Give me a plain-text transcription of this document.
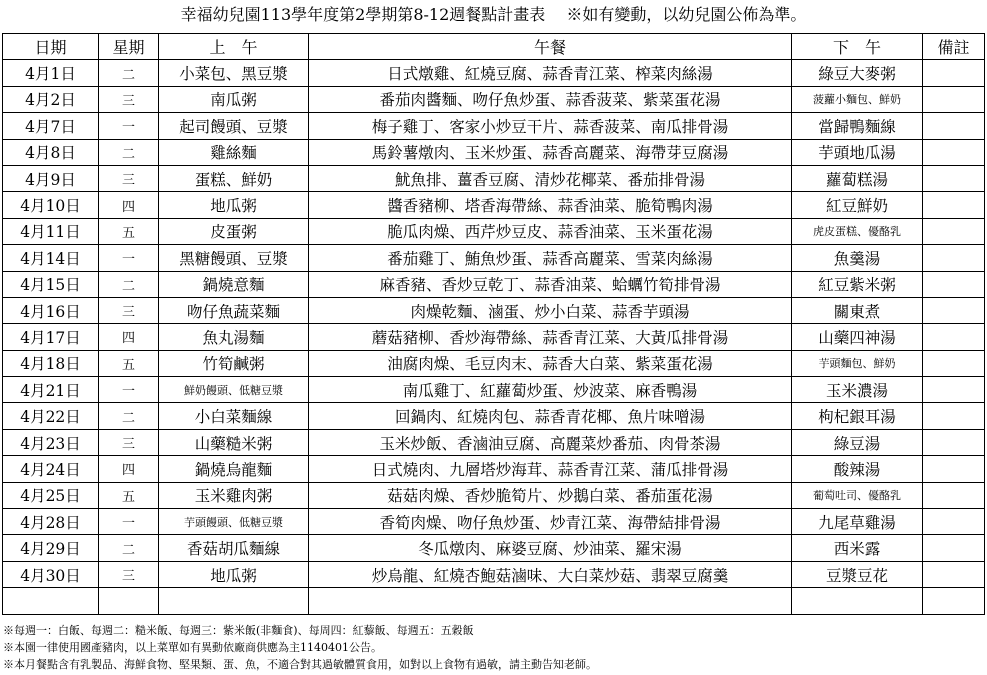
幸福幼兒園113學年度第2學期第8-12週餐點計畫表　 ※如有變動，以幼兒園公佈為準。
日期	星期	上　午	午餐	下　午	備註
4月1日	二	小菜包、黑豆漿	日式燉雞、紅燒豆腐、蒜香青江菜、榨菜肉絲湯	綠豆大麥粥	
4月2日	三	南瓜粥	番茄肉醬麵、吻仔魚炒蛋、蒜香菠菜、紫菜蛋花湯	菠蘿小麵包、鮮奶	
4月7日	一	起司饅頭、豆漿	梅子雞丁、客家小炒豆干片、蒜香菠菜、南瓜排骨湯	當歸鴨麵線	
4月8日	二	雞絲麵	馬鈴薯燉肉、玉米炒蛋、蒜香高麗菜、海帶芽豆腐湯	芋頭地瓜湯	
4月9日	三	蛋糕、鮮奶	魷魚排、薑香豆腐、清炒花椰菜、番茄排骨湯	蘿蔔糕湯	
4月10日	四	地瓜粥	醬香豬柳、塔香海帶絲、蒜香油菜、脆筍鴨肉湯	紅豆鮮奶	
4月11日	五	皮蛋粥	脆瓜肉燥、西芹炒豆皮、蒜香油菜、玉米蛋花湯	虎皮蛋糕、優酪乳	
4月14日	一	黑糖饅頭、豆漿	番茄雞丁、鮪魚炒蛋、蒜香高麗菜、雪菜肉絲湯	魚羹湯	
4月15日	二	鍋燒意麵	麻香豬、香炒豆乾丁、蒜香油菜、蛤蠣竹筍排骨湯	紅豆紫米粥	
4月16日	三	吻仔魚蔬菜麵	肉燥乾麵、滷蛋、炒小白菜、蒜香芋頭湯	關東煮	
4月17日	四	魚丸湯麵	蘑菇豬柳、香炒海帶絲、蒜香青江菜、大黃瓜排骨湯	山藥四神湯	
4月18日	五	竹筍鹹粥	油腐肉燥、毛豆肉末、蒜香大白菜、紫菜蛋花湯	芋頭麵包、鮮奶	
4月21日	一	鮮奶饅頭、低糖豆漿	南瓜雞丁、紅蘿蔔炒蛋、炒波菜、麻香鴨湯	玉米濃湯	
4月22日	二	小白菜麵線	回鍋肉、紅燒肉包、蒜香青花椰、魚片味噌湯	枸杞銀耳湯	
4月23日	三	山藥糙米粥	玉米炒飯、香滷油豆腐、高麗菜炒番茄、肉骨茶湯	綠豆湯	
4月24日	四	鍋燒烏龍麵	日式燒肉、九層塔炒海茸、蒜香青江菜、蒲瓜排骨湯	酸辣湯	
4月25日	五	玉米雞肉粥	菇菇肉燥、香炒脆筍片、炒鵝白菜、番茄蛋花湯	葡萄吐司、優酪乳	
4月28日	一	芋頭饅頭、低糖豆漿	香筍肉燥、吻仔魚炒蛋、炒青江菜、海帶結排骨湯	九尾草雞湯	
4月29日	二	香菇胡瓜麵線	冬瓜燉肉、麻婆豆腐、炒油菜、羅宋湯	西米露	
4月30日	三	地瓜粥	炒烏龍、紅燒杏鮑菇滷味、大白菜炒菇、翡翠豆腐羹	豆漿豆花	

※每週一：白飯、每週二：糙米飯、每週三：紫米飯(非麵食)、每周四：紅藜飯、每週五：五穀飯
※本園一律使用國產豬肉，以上菜單如有異動依廠商供應為主1140401公告。
※本月餐點含有乳製品、海鮮食物、堅果類、蛋、魚，不適合對其過敏體質食用，如對以上食物有過敏，請主動告知老師。
